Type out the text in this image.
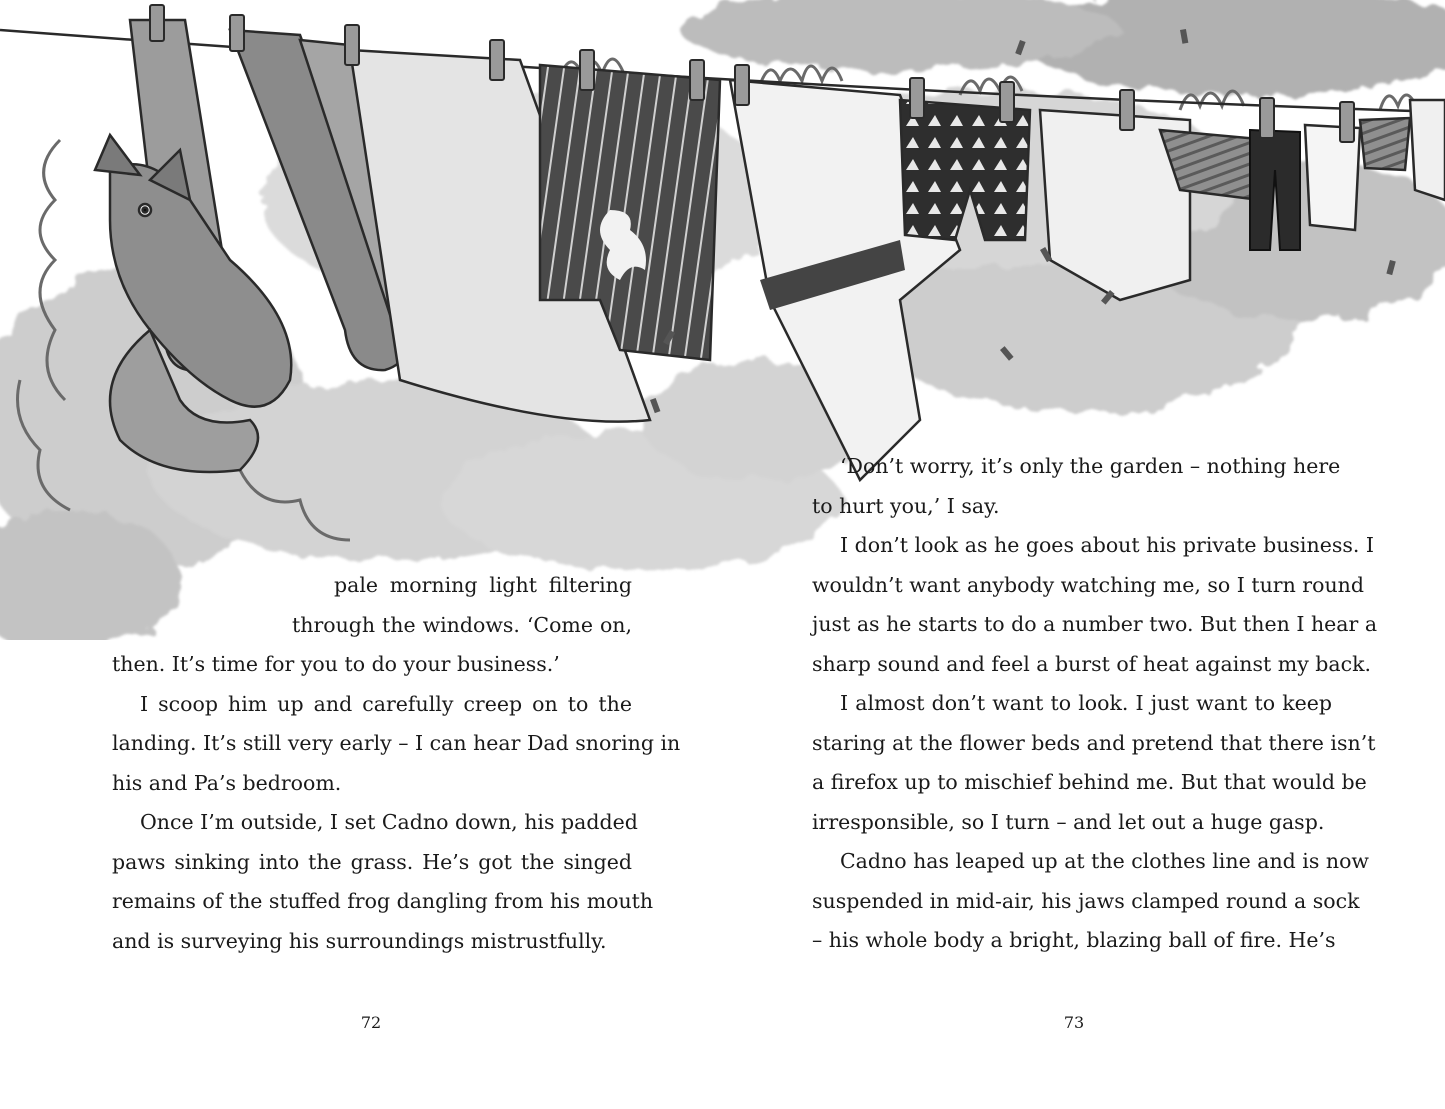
pale morning light filtering
through the windows. ‘Come on,
then. It’s time for you to do your business.’
I scoop him up and carefully creep on to the
landing. It’s still very early – I can hear Dad snoring in
his and Pa’s bedroom.
Once I’m outside, I set Cadno down, his padded
paws sinking into the grass. He’s got the singed
remains of the stuffed frog dangling from his mouth
and is surveying his surroundings mistrustfully.
72
‘Don’t worry, it’s only the garden – nothing here
to hurt you,’ I say.
I don’t look as he goes about his private business. I
wouldn’t want anybody watching me, so I turn round
just as he starts to do a number two. But then I hear a
sharp sound and feel a burst of heat against my back.
I almost don’t want to look. I just want to keep
staring at the flower beds and pretend that there isn’t
a firefox up to mischief behind me. But that would be
irresponsible, so I turn – and let out a huge gasp.
Cadno has leaped up at the clothes line and is now
suspended in mid-air, his jaws clamped round a sock
– his whole body a bright, blazing ball of fire. He’s
73
